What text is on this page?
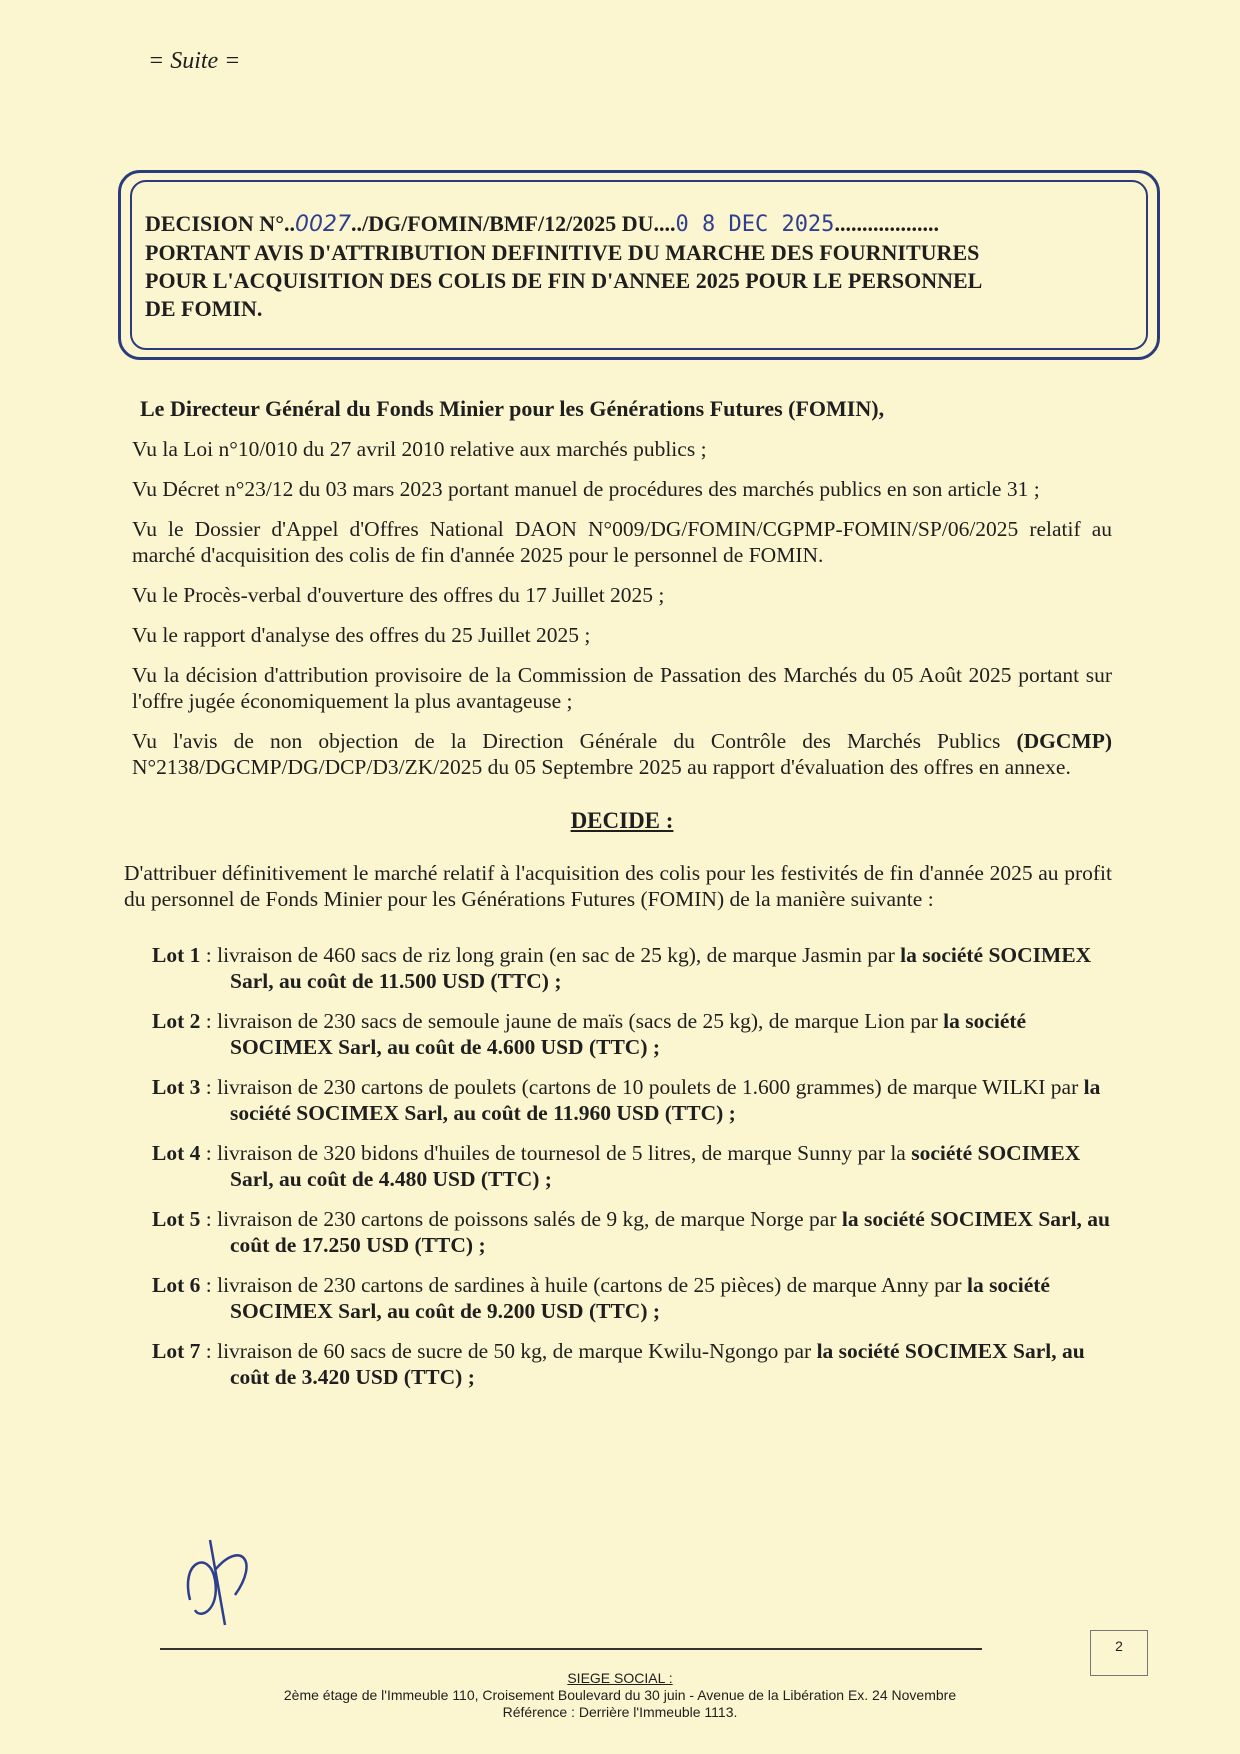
= Suite =
DECISION N°..0027../DG/FOMIN/BMF/12/2025 DU....0 8 DEC 2025...................
PORTANT AVIS D'ATTRIBUTION DEFINITIVE DU MARCHE DES FOURNITURES
POUR L'ACQUISITION DES COLIS DE FIN D'ANNEE 2025 POUR LE PERSONNEL
DE FOMIN.
Le Directeur Général du Fonds Minier pour les Générations Futures (FOMIN),
Vu la Loi n°10/010 du 27 avril 2010 relative aux marchés publics ;
Vu Décret n°23/12 du 03 mars 2023 portant manuel de procédures des marchés publics en son article 31 ;
Vu le Dossier d'Appel d'Offres National DAON N°009/DG/FOMIN/CGPMP-FOMIN/SP/06/2025 relatif au marché d'acquisition des colis de fin d'année 2025 pour le personnel de FOMIN.
Vu le Procès-verbal d'ouverture des offres du 17 Juillet 2025 ;
Vu le rapport d'analyse des offres du 25 Juillet 2025 ;
Vu la décision d'attribution provisoire de la Commission de Passation des Marchés du 05 Août 2025 portant sur l'offre jugée économiquement la plus avantageuse ;
Vu l'avis de non objection de la Direction Générale du Contrôle des Marchés Publics (DGCMP) N°2138/DGCMP/DG/DCP/D3/ZK/2025 du 05 Septembre 2025 au rapport d'évaluation des offres en annexe.
DECIDE :
D'attribuer définitivement le marché relatif à l'acquisition des colis pour les festivités de fin d'année 2025 au profit du personnel de Fonds Minier pour les Générations Futures (FOMIN) de la manière suivante :
Lot 1 : livraison de 460 sacs de riz long grain (en sac de 25 kg), de marque Jasmin par la société SOCIMEX Sarl, au coût de 11.500 USD (TTC) ;
Lot 2 : livraison de 230 sacs de semoule jaune de maïs (sacs de 25 kg), de marque Lion par la société SOCIMEX Sarl, au coût de 4.600 USD (TTC) ;
Lot 3 : livraison de 230 cartons de poulets (cartons de 10 poulets de 1.600 grammes) de marque WILKI par la société SOCIMEX Sarl, au coût de 11.960 USD (TTC) ;
Lot 4 : livraison de 320 bidons d'huiles de tournesol de 5 litres, de marque Sunny par la société SOCIMEX Sarl, au coût de 4.480 USD (TTC) ;
Lot 5 : livraison de 230 cartons de poissons salés de 9 kg, de marque Norge par la société SOCIMEX Sarl, au coût de 17.250 USD (TTC) ;
Lot 6 : livraison de 230 cartons de sardines à huile (cartons de 25 pièces) de marque Anny par la société SOCIMEX Sarl, au coût de 9.200 USD (TTC) ;
Lot 7 : livraison de 60 sacs de sucre de 50 kg, de marque Kwilu-Ngongo par la société SOCIMEX Sarl, au coût de 3.420 USD (TTC) ;
2
SIEGE SOCIAL :
2ème étage de l'Immeuble 110, Croisement Boulevard du 30 juin - Avenue de la Libération Ex. 24 Novembre
Référence : Derrière l'Immeuble 1113.
